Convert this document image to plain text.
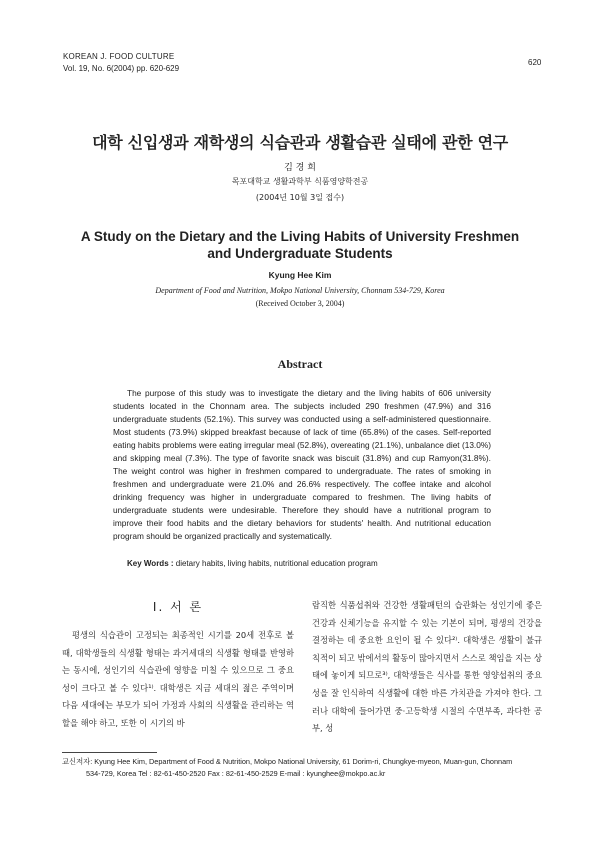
KOREAN J. FOOD CULTURE
Vol. 19, No. 6(2004) pp. 620-629
620
대학 신입생과 재학생의 식습관과 생활습관 실태에 관한 연구
김 경 희
목포대학교 생활과학부 식품영양학전공
(2004년 10월 3일 접수)
A Study on the Dietary and the Living Habits of University Freshmen
and Undergraduate Students
Kyung Hee Kim
Department of Food and Nutrition, Mokpo National University, Chonnam 534-729, Korea
(Received October 3, 2004)
Abstract
The purpose of this study was to investigate the dietary and the living habits of 606 university students located in the Chonnam area. The subjects included 290 freshmen (47.9%) and 316 undergraduate students (52.1%). This survey was conducted using a self-administered questionnaire. Most students (73.9%) skipped breakfast because of lack of time (65.8%) of the cases. Self-reported eating habits problems were eating irregular meal (52.8%), overeating (21.1%), unbalance diet (13.0%) and skipping meal (7.3%). The type of favorite snack was biscuit (31.8%) and cup Ramyon(31.8%). The weight control was higher in freshmen compared to undergraduate. The rates of smoking in freshmen and undergraduate were 21.0% and 26.6% respectively. The coffee intake and alcohol drinking frequency was higher in undergraduate compared to freshmen. The living habits of undergraduate students were undesirable. Therefore they should have a nutritional program to improve their food habits and the dietary behaviors for students' health. And nutritional education program should be organized practically and systematically.
Key Words : dietary habits, living habits, nutritional education program
I. 서 론
평생의 식습관이 고정되는 최종적인 시기를 20세 전후로 볼 때, 대학생들의 식생활 형태는 과거세대의 식생활 형태를 반영하는 동시에, 성인기의 식습관에 영향을 미칠 수 있으므로 그 중요성이 크다고 볼 수 있다¹⁾. 대학생은 지금 세대의 젊은 주역이며 다음 세대에는 부모가 되어 가정과 사회의 식생활을 관리하는 역할을 해야 하고, 또한 이 시기의 바
람직한 식품섭취와 건강한 생활패턴의 습관화는 성인기에 좋은 건강과 신체기능을 유지할 수 있는 기본이 되며, 평생의 건강을 결정하는 데 중요한 요인이 될 수 있다²⁾. 대학생은 생활이 불규칙적이 되고 밖에서의 활동이 많아지면서 스스로 책임을 지는 상태에 놓이게 되므로³⁾, 대학생들은 식사를 통한 영양섭취의 중요성을 잘 인식하여 식생활에 대한 바른 가치관을 가져야 한다. 그러나 대학에 들어가면 중·고등학생 시절의 수면부족, 과다한 공부, 성
교신저자: Kyung Hee Kim, Department of Food & Nutrition, Mokpo National University, 61 Dorim-ri, Chungkye-myeon, Muan-gun, Chonnam
534-729, Korea Tel : 82-61-450-2520 Fax : 82-61-450-2529 E-mail : kyunghee@mokpo.ac.kr
